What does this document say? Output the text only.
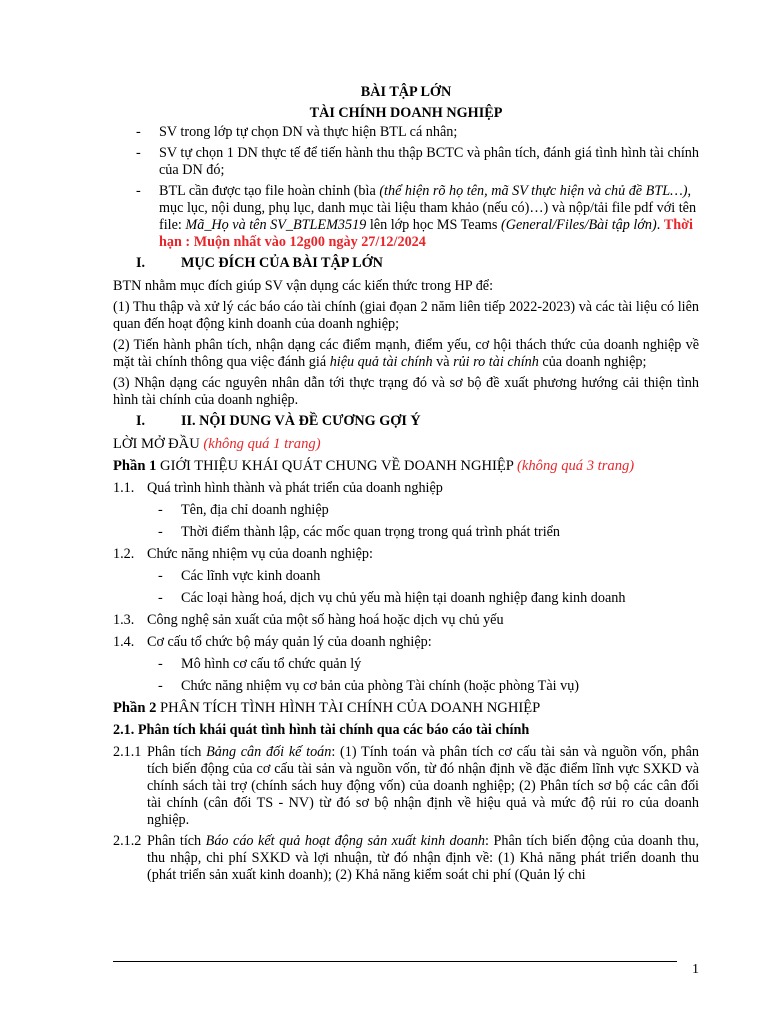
BÀI TẬP LỚN

TÀI CHÍNH DOANH NGHIỆP

- SV trong lớp tự chọn DN và thực hiện BTL cá nhân;
- SV tự chọn 1 DN thực tế để tiến hành thu thập BCTC và phân tích, đánh giá tình hình tài chính của DN đó;
- BTL cần được tạo file hoàn chỉnh (bìa (thể hiện rõ họ tên, mã SV thực hiện và chủ đề BTL…), mục lục, nội dung, phụ lục, danh mục tài liệu tham khảo (nếu có)…) và nộp/tải file pdf với tên file: Mã_Họ và tên SV_BTLEM3519 lên lớp học MS Teams (General/Files/Bài tập lớn). Thời hạn : Muộn nhất vào 12g00 ngày 27/12/2024
I.	MỤC ĐÍCH CỦA BÀI TẬP LỚN

BTN nhằm mục đích giúp SV vận dụng các kiến thức trong HP để:

(1) Thu thập và xử lý các báo cáo tài chính (giai đọan 2 năm liên tiếp 2022-2023) và các tài liệu có liên quan đến hoạt động kinh doanh của doanh nghiệp;

(2) Tiến hành phân tích, nhận dạng các điểm mạnh, điểm yếu, cơ hội thách thức của doanh nghiệp về mặt tài chính thông qua việc đánh giá hiệu quả tài chính và rủi ro tài chính của doanh nghiệp;

(3) Nhận dạng các nguyên nhân dẫn tới thực trạng đó và sơ bộ đề xuất phương hướng cải thiện tình hình tài chính của doanh nghiệp.

I.	II. NỘI DUNG VÀ ĐỀ CƯƠNG GỢI Ý

LỜI MỞ ĐẦU (không quá 1 trang)

Phần 1 GIỚI THIỆU KHÁI QUÁT CHUNG VỀ DOANH NGHIỆP (không quá 3 trang)

1.1. Quá trình hình thành và phát triển của doanh nghiệp
- Tên, địa chỉ doanh nghiệp
- Thời điểm thành lập, các mốc quan trọng trong quá trình phát triển
1.2. Chức năng nhiệm vụ của doanh nghiệp:
- Các lĩnh vực kinh doanh
- Các loại hàng hoá, dịch vụ chủ yếu mà hiện tại doanh nghiệp đang kinh doanh
1.3. Công nghệ sản xuất của một số hàng hoá hoặc dịch vụ chủ yếu
1.4. Cơ cấu tổ chức bộ máy quản lý của doanh nghiệp:
- Mô hình cơ cấu tổ chức quản lý
- Chức năng nhiệm vụ cơ bản của phòng Tài chính (hoặc phòng Tài vụ)

Phần 2 PHÂN TÍCH TÌNH HÌNH TÀI CHÍNH CỦA DOANH NGHIỆP

2.1. Phân tích khái quát tình hình tài chính qua các báo cáo tài chính

2.1.1 Phân tích Bảng cân đối kế toán: (1) Tính toán và phân tích cơ cấu tài sản và nguồn vốn, phân tích biến động của cơ cấu tài sản và nguồn vốn, từ đó nhận định về đặc điểm lĩnh vực SXKD và chính sách tài trợ (chính sách huy động vốn) của doanh nghiệp; (2) Phân tích sơ bộ các cân đối tài chính (cân đối TS - NV) từ đó sơ bộ nhận định về hiệu quả và mức độ rủi ro của doanh nghiệp.
2.1.2 Phân tích Báo cáo kết quả hoạt động sản xuất kinh doanh: Phân tích biến động của doanh thu, thu nhập, chi phí SXKD và lợi nhuận, từ đó nhận định về: (1) Khả năng phát triển doanh thu (phát triển sản xuất kinh doanh); (2) Khả năng kiểm soát chi phí (Quản lý chi
1
